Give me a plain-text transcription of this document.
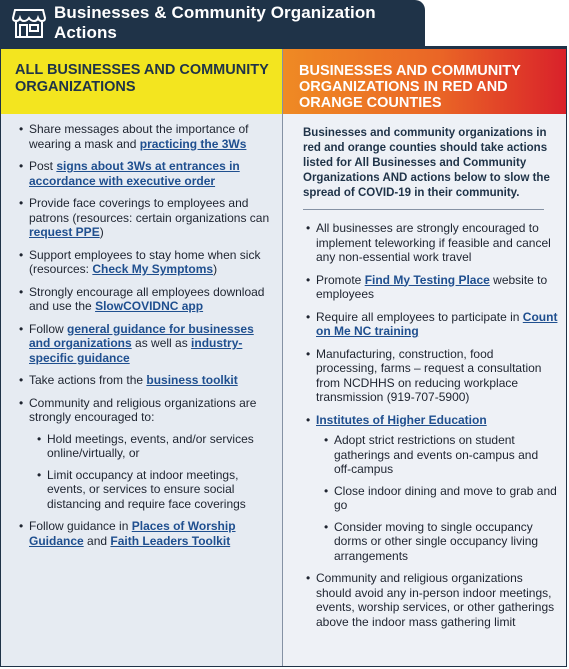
Businesses & Community Organization Actions
ALL BUSINESSES AND COMMUNITY ORGANIZATIONS
• Share messages about the importance of wearing a mask and practicing the 3Ws
• Post signs about 3Ws at entrances in accordance with executive order
• Provide face coverings to employees and patrons (resources: certain organizations can request PPE)
• Support employees to stay home when sick (resources: Check My Symptoms)
• Strongly encourage all employees download and use the SlowCOVIDNC app
• Follow general guidance for businesses and organizations as well as industry-specific guidance
• Take actions from the business toolkit
• Community and religious organizations are strongly encouraged to:
• Hold meetings, events, and/or services online/virtually, or
• Limit occupancy at indoor meetings, events, or services to ensure social distancing and require face coverings
• Follow guidance in Places of Worship Guidance and Faith Leaders Toolkit
BUSINESSES AND COMMUNITY ORGANIZATIONS IN RED AND ORANGE COUNTIES
Businesses and community organizations in red and orange counties should take actions listed for All Businesses and Community Organizations AND actions below to slow the spread of COVID-19 in their community.
• All businesses are strongly encouraged to implement teleworking if feasible and cancel any non-essential work travel
• Promote Find My Testing Place website to employees
• Require all employees to participate in Count on Me NC training
• Manufacturing, construction, food processing, farms – request a consultation from NCDHHS on reducing workplace transmission (919-707-5900)
• Institutes of Higher Education
• Adopt strict restrictions on student gatherings and events on-campus and off-campus
• Close indoor dining and move to grab and go
• Consider moving to single occupancy dorms or other single occupancy living arrangements
• Community and religious organizations should avoid any in-person indoor meetings, events, worship services, or other gatherings above the indoor mass gathering limit
